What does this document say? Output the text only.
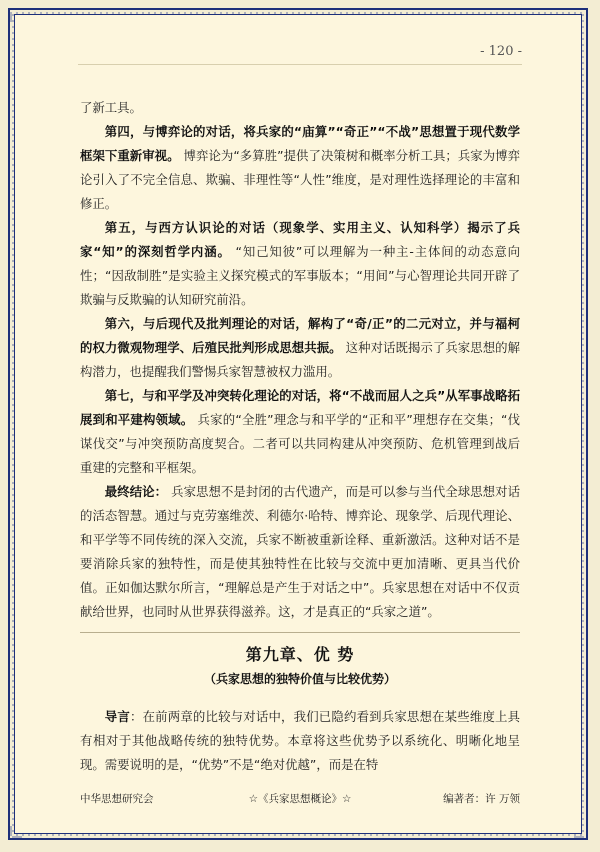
- 120 -

了新工具。

第四，与博弈论的对话，将兵家的“庙算”“奇正”“不战”思想置于现代数学框架下重新审视。 博弈论为“多算胜”提供了决策树和概率分析工具；兵家为博弈论引入了不完全信息、欺骗、非理性等“人性”维度，是对理性选择理论的丰富和修正。

第五，与西方认识论的对话（现象学、实用主义、认知科学）揭示了兵家“知”的深刻哲学内涵。 “知己知彼”可以理解为一种主-主体间的动态意向性；“因敌制胜”是实验主义探究模式的军事版本；“用间”与心智理论共同开辟了欺骗与反欺骗的认知研究前沿。

第六，与后现代及批判理论的对话，解构了“奇/正”的二元对立，并与福柯的权力微观物理学、后殖民批判形成思想共振。 这种对话既揭示了兵家思想的解构潜力，也提醒我们警惕兵家智慧被权力滥用。

第七，与和平学及冲突转化理论的对话，将“不战而屈人之兵”从军事战略拓展到和平建构领域。 兵家的“全胜”理念与和平学的“正和平”理想存在交集；“伐谋伐交”与冲突预防高度契合。二者可以共同构建从冲突预防、危机管理到战后重建的完整和平框架。

最终结论： 兵家思想不是封闭的古代遗产，而是可以参与当代全球思想对话的活态智慧。通过与克劳塞维茨、利德尔·哈特、博弈论、现象学、后现代理论、和平学等不同传统的深入交流，兵家不断被重新诠释、重新激活。这种对话不是要消除兵家的独特性，而是使其独特性在比较与交流中更加清晰、更具当代价值。正如伽达默尔所言，“理解总是产生于对话之中”。兵家思想在对话中不仅贡献给世界，也同时从世界获得滋养。这，才是真正的“兵家之道”。

第九章、优 势
（兵家思想的独特价值与比较优势）

导言：在前两章的比较与对话中，我们已隐约看到兵家思想在某些维度上具有相对于其他战略传统的独特优势。本章将这些优势予以系统化、明晰化地呈现。需要说明的是，“优势”不是“绝对优越”，而是在特

中华思想研究会	☆《兵家思想概论》☆	编著者：许 万领
